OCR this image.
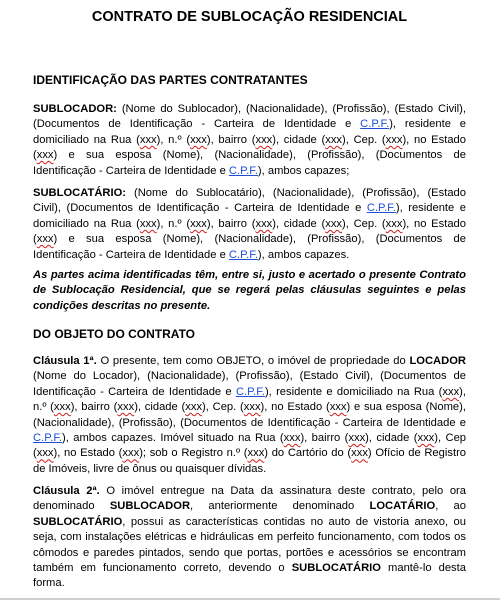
CONTRATO DE SUBLOCAÇÃO RESIDENCIAL
IDENTIFICAÇÃO DAS PARTES CONTRATANTES

SUBLOCADOR: (Nome do Sublocador), (Nacionalidade), (Profissão), (Estado Civil), (Documentos de Identificação - Carteira de Identidade e C.P.F.), residente e domiciliado na Rua (xxx), n.º (xxx), bairro (xxx), cidade (xxx), Cep. (xxx), no Estado (xxx) e sua esposa (Nome), (Nacionalidade), (Profissão), (Documentos de Identificação - Carteira de Identidade e C.P.F.), ambos capazes;

SUBLOCATÁRIO: (Nome do Sublocatário), (Nacionalidade), (Profissão), (Estado Civil), (Documentos de Identificação - Carteira de Identidade e C.P.F.), residente e domiciliado na Rua (xxx), n.º (xxx), bairro (xxx), cidade (xxx), Cep. (xxx), no Estado (xxx) e sua esposa (Nome), (Nacionalidade), (Profissão), (Documentos de Identificação - Carteira de Identidade e C.P.F.), ambos capazes.

As partes acima identificadas têm, entre si, justo e acertado o presente Contrato de Sublocação Residencial, que se regerá pelas cláusulas seguintes e pelas condições descritas no presente.

DO OBJETO DO CONTRATO

Cláusula 1ª. O presente, tem como OBJETO, o imóvel de propriedade do LOCADOR (Nome do Locador), (Nacionalidade), (Profissão), (Estado Civil), (Documentos de Identificação - Carteira de Identidade e C.P.F.), residente e domiciliado na Rua (xxx), n.º (xxx), bairro (xxx), cidade (xxx), Cep. (xxx), no Estado (xxx) e sua esposa (Nome), (Nacionalidade), (Profissão), (Documentos de Identificação - Carteira de Identidade e C.P.F.), ambos capazes. Imóvel situado na Rua (xxx), bairro (xxx), cidade (xxx), Cep (xxx), no Estado (xxx); sob o Registro n.º (xxx) do Cartório do (xxx) Ofício de Registro de Imóveis, livre de ônus ou quaisquer dívidas.

Cláusula 2ª. O imóvel entregue na Data da assinatura deste contrato, pelo ora denominado SUBLOCADOR, anteriormente denominado LOCATÁRIO, ao SUBLOCATÁRIO, possui as características contidas no auto de vistoria anexo, ou seja, com instalações elétricas e hidráulicas em perfeito funcionamento, com todos os cômodos e paredes pintados, sendo que portas, portões e acessórios se encontram também em funcionamento correto, devendo o SUBLOCATÁRIO mantê-lo desta forma.
